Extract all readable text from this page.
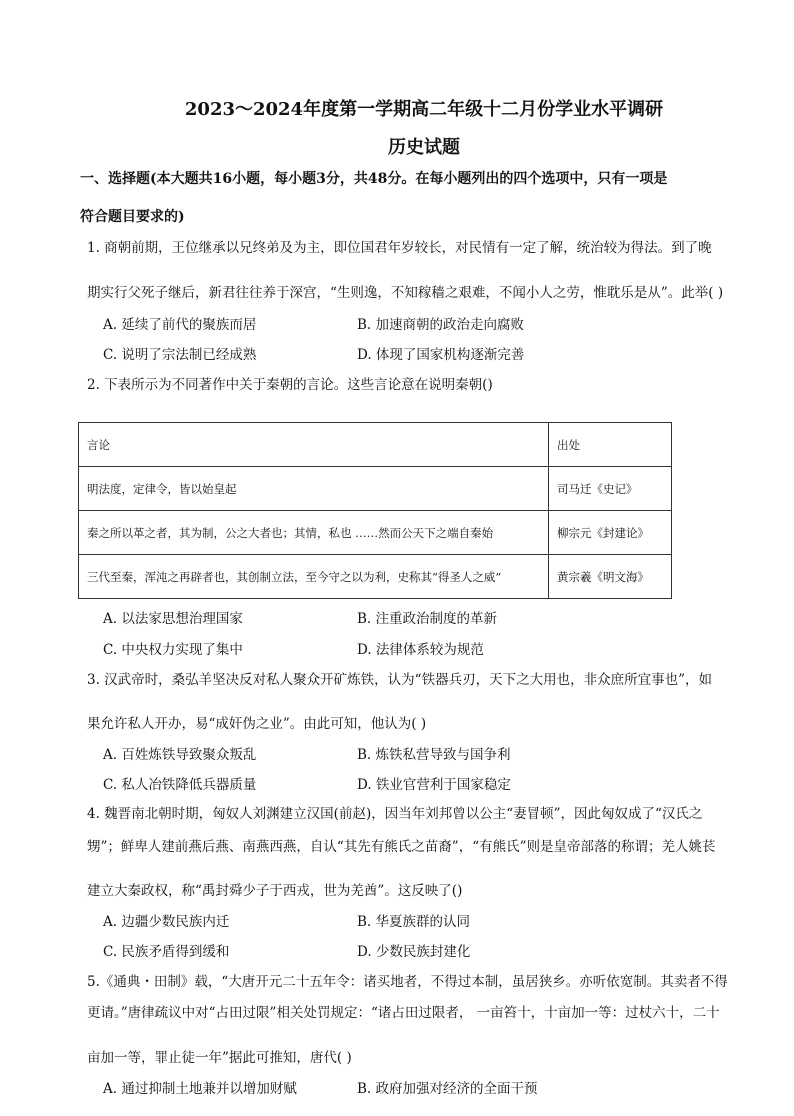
2023～2024年度第一学期高二年级十二月份学业水平调研
历史试题
一、选择题(本大题共16小题，每小题3分，共48分。在每小题列出的四个选项中，只有一项是
符合题目要求的)
1. 商朝前期，王位继承以兄终弟及为主，即位国君年岁较长，对民情有一定了解，统治较为得法。到了晚
期实行父死子继后，新君往往养于深宫，“生则逸，不知稼穑之艰难，不闻小人之劳，惟耽乐是从”。此举( )
A. 延续了前代的聚族而居	B. 加速商朝的政治走向腐败
C. 说明了宗法制已经成熟	D. 体现了国家机构逐渐完善
2. 下表所示为不同著作中关于秦朝的言论。这些言论意在说明秦朝()
言论	出处
明法度，定律令，皆以始皇起	司马迁《史记》
秦之所以革之者，其为制，公之大者也；其情，私也 ……然而公天下之端自秦始	柳宗元《封建论》
三代至秦，浑沌之再辟者也，其创制立法，至今守之以为利，史称其“得圣人之威”	黄宗羲《明文海》
A. 以法家思想治理国家	B. 注重政治制度的革新
C. 中央权力实现了集中	D. 法律体系较为规范
3. 汉武帝时，桑弘羊坚决反对私人聚众开矿炼铁，认为“铁器兵刃，天下之大用也，非众庶所宜事也”，如
果允许私人开办，易“成奸伪之业”。由此可知，他认为( )
A. 百姓炼铁导致聚众叛乱	B. 炼铁私营导致与国争利
C. 私人冶铁降低兵器质量	D. 铁业官营利于国家稳定
4. 魏晋南北朝时期，匈奴人刘渊建立汉国(前赵)，因当年刘邦曾以公主“妻冒顿”，因此匈奴成了“汉氏之
甥”；鲜卑人建前燕后燕、南燕西燕，自认“其先有熊氏之苗裔”，“有熊氏”则是皇帝部落的称谓；羌人姚苌
建立大秦政权，称“禹封舜少子于西戎，世为羌酋”。这反映了()
A. 边疆少数民族内迁	B. 华夏族群的认同
C. 民族矛盾得到缓和	D. 少数民族封建化
5.《通典・田制》载，“大唐开元二十五年令：诸买地者，不得过本制，虽居狭乡。亦听依宽制。其卖者不得
更请。”唐律疏议中对“占田过限”相关处罚规定：“诸占田过限者， 一亩笞十，十亩加一等：过杖六十，二十
亩加一等，罪止徒一年”据此可推知，唐代( )
A. 通过抑制土地兼并以增加财赋	B. 政府加强对经济的全面干预
